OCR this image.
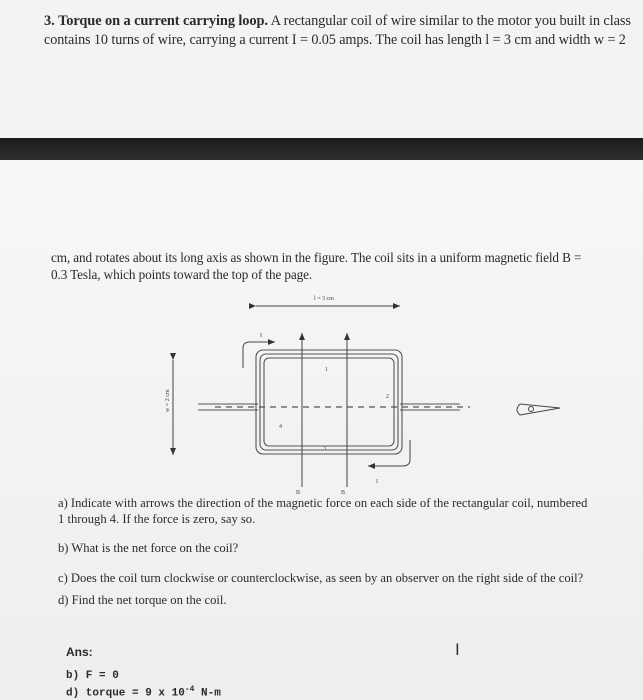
3. Torque on a current carrying loop. A rectangular coil of wire similar to the motor you built in class
contains 10 turns of wire, carrying a current I = 0.05 amps. The coil has length l = 3 cm and width w = 2
cm, and rotates about its long axis as shown in the figure. The coil sits in a uniform magnetic field B =
0.3 Tesla, which points toward the top of the page.
l = 3 cm
w = 2 cm
I
I
B	B
1
2
3
4
a) Indicate with arrows the direction of the magnetic force on each side of the rectangular coil, numbered
1 through 4. If the force is zero, say so.
b) What is the net force on the coil?
c) Does the coil turn clockwise or counterclockwise, as seen by an observer on the right side of the coil?
d) Find the net torque on the coil.
Ans:
b) F = 0
d) torque = 9 x $10^{-4}$ N-m
I
